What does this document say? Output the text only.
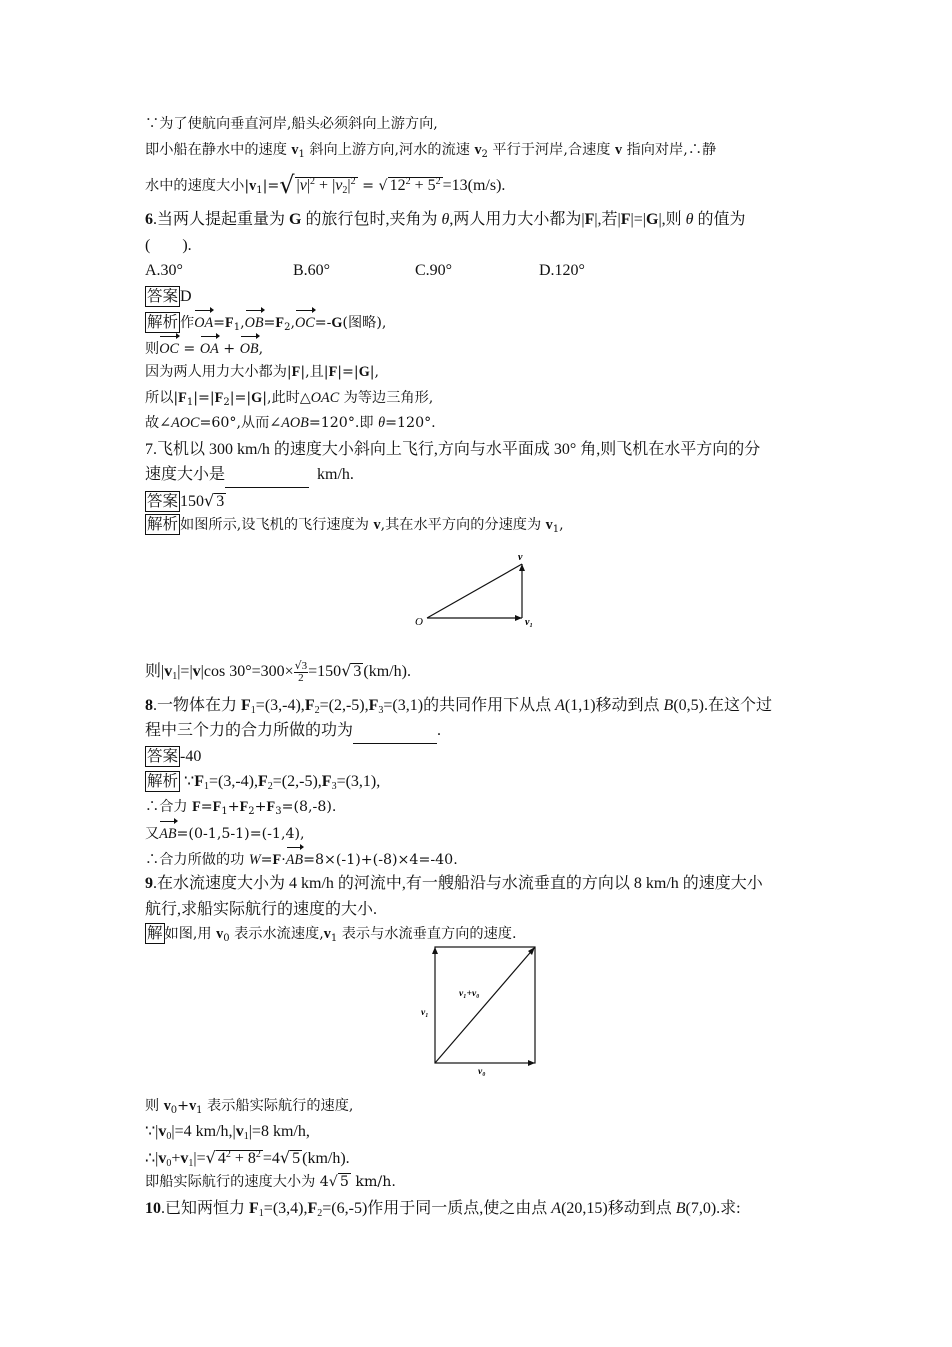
∵为了使航向垂直河岸,船头必须斜向上游方向,
即小船在静水中的速度 $v_1$ 斜向上游方向,河水的流速 $v_2$ 平行于河岸,合速度 v 指向对岸,∴静
水中的速度大小$|v_1|=√$ $|v|^2 + |v_2|^2$ = √ $12^2 + 5^2 =13(m/s)$.
6.当两人提起重量为 G 的旅行包时,夹角为 θ,两人用力大小都为|F|,若|F|=|G|,则 θ 的值为
(　　).
A.30°	B.60°	C.90°	D.120°
答案 D
解析 作$OA=F_1,OB=F_2,OC=-G$(图略),
则OC = OA + OB,
因为两人用力大小都为|F|,且|F|=|G|,
所以$|F_1|=|F_2|=|G|$,此时△OAC 为等边三角形,
故∠AOC=60°,从而∠AOB=120°.即 θ=120°.
7.飞机以 300 km/h 的速度大小斜向上飞行,方向与水平面成 30° 角,则飞机在水平方向的分
速度大小是	km/h.
答案 150√ 3
解析 如图所示,设飞机的飞行速度为 v,其在水平方向的分速度为 $v_1$,
则$|v_1|=|v|\cos$ $30^\circ=300\times \frac{√3}{2} =150√$ 3 (km/h).
8.一物体在力 $F_1=(3,-4),F_2=(2,-5),F_3=(3,1)$的共同作用下从点 A(1,1)移动到点 B(0,5).在这个过
程中三个力的合力所做的功为	.
答案 -40
解析 $\because F_1=(3,-4),F_2=(2,-5),F_3=(3,1)$,
∴合力 $F=F_1+F_2+F_3=(8,-8)$.
又AB=(0-1,5-1)=(-1,4),
∴合力所做的功 W=F·AB=8×(-1)+(-8)×4=-40.
9.在水流速度大小为 4 km/h 的河流中,有一艘船沿与水流垂直的方向以 8 km/h 的速度大小
航行,求船实际航行的速度的大小.
解 如图,用 $v_0$ 表示水流速度$,v_1$ 表示与水流垂直方向的速度.
则 $v_0+v_1$ 表示船实际航行的速度,
$\because|v_0|=4$ $km/h,|v_1|=8$ km/h,
$\therefore|v_0+v_1|=√$ $4^2 + 8^2 =4√$ 5 (km/h).
即船实际航行的速度大小为 4√ 5 km/h.
10.已知两恒力 $F_1=(3,4),F_2=(6,-5)$作用于同一质点,使之由点 A(20,15)移动到点 B(7,0).求:
v
O	v₁
v₁+v₀
v₁
v₀
